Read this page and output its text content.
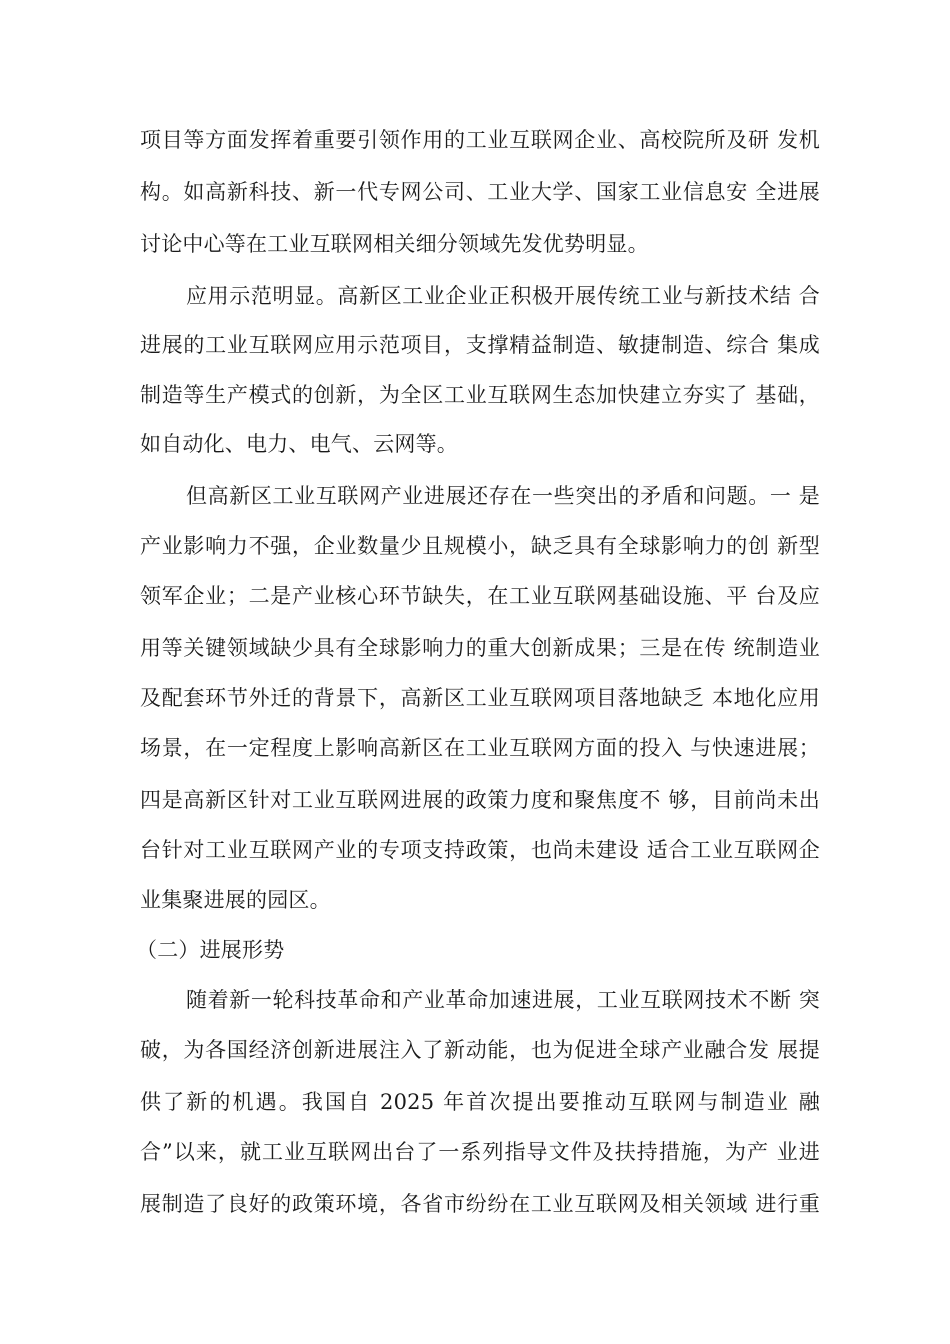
项目等方面发挥着重要引领作用的工业互联网企业、高校院所及研 发机
构。如高新科技、新一代专网公司、工业大学、国家工业信息安 全进展
讨论中心等在工业互联网相关细分领域先发优势明显。
应用示范明显。高新区工业企业正积极开展传统工业与新技术结 合
进展的工业互联网应用示范项目，支撑精益制造、敏捷制造、综合 集成
制造等生产模式的创新，为全区工业互联网生态加快建立夯实了 基础，
如自动化、电力、电气、云网等。
但高新区工业互联网产业进展还存在一些突出的矛盾和问题。一 是
产业影响力不强，企业数量少且规模小，缺乏具有全球影响力的创 新型
领军企业；二是产业核心环节缺失，在工业互联网基础设施、平 台及应
用等关键领域缺少具有全球影响力的重大创新成果；三是在传 统制造业
及配套环节外迁的背景下，高新区工业互联网项目落地缺乏 本地化应用
场景，在一定程度上影响高新区在工业互联网方面的投入 与快速进展；
四是高新区针对工业互联网进展的政策力度和聚焦度不 够，目前尚未出
台针对工业互联网产业的专项支持政策，也尚未建设 适合工业互联网企
业集聚进展的园区。
（二）进展形势
随着新一轮科技革命和产业革命加速进展，工业互联网技术不断 突
破，为各国经济创新进展注入了新动能，也为促进全球产业融合发 展提
供了新的机遇。我国自 2025 年首次提出要推动互联网与制造业 融
合”以来，就工业互联网出台了一系列指导文件及扶持措施，为产 业进
展制造了良好的政策环境，各省市纷纷在工业互联网及相关领域 进行重
